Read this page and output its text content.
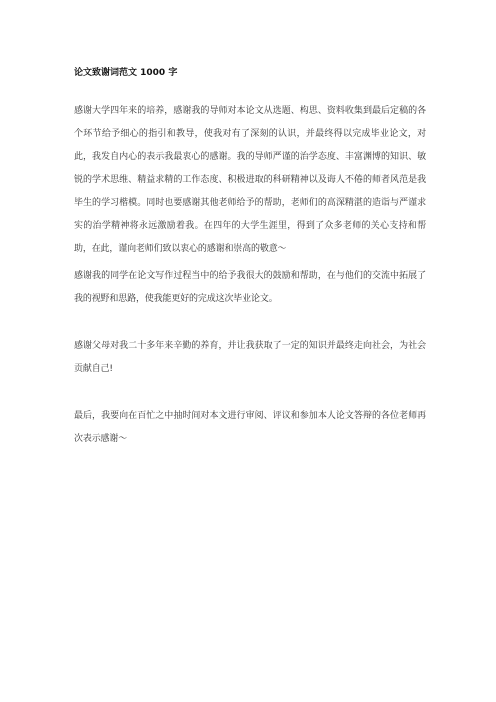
论文致谢词范文 1000 字

感谢大学四年来的培养，感谢我的导师对本论文从选题、构思、资料收集到最后定稿的各个环节给予细心的指引和教导，使我对有了深刻的认识，并最终得以完成毕业论文，对此，我发自内心的表示我最衷心的感谢。我的导师严谨的治学态度、丰富渊博的知识、敏锐的学术思维、精益求精的工作态度、积极进取的科研精神以及诲人不倦的师者风范是我毕生的学习楷模。同时也要感谢其他老师给予的帮助，老师们的高深精湛的造诣与严谨求实的治学精神将永远激励着我。在四年的大学生涯里，得到了众多老师的关心支持和帮助，在此，谨向老师们致以衷心的感谢和崇高的敬意～

感谢我的同学在论文写作过程当中的给予我很大的鼓励和帮助，在与他们的交流中拓展了我的视野和思路，使我能更好的完成这次毕业论文。

感谢父母对我二十多年来辛勤的养育，并让我获取了一定的知识并最终走向社会，为社会贡献自己!

最后，我要向在百忙之中抽时间对本文进行审阅、评议和参加本人论文答辩的各位老师再次表示感谢～
